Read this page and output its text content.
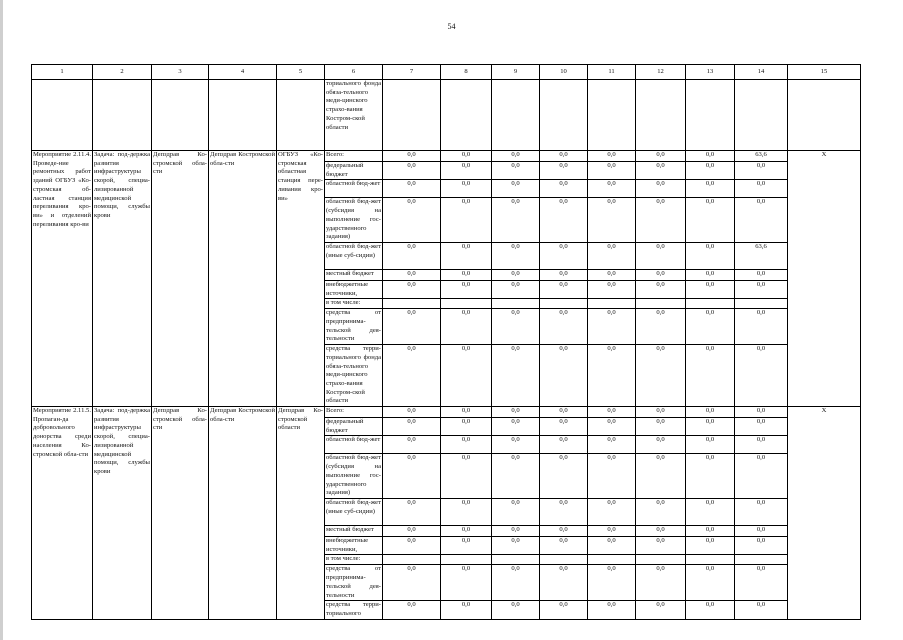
54
1	2	3	4	5	6	7	8	9	10	11	12	13	14	15
					ториального фонда обяза-тельного меди-цинского страхо-вания Костром-ской области									
Мероприятие 2.11.4. Проведе-ние ремонтных работ зданий ОГБУЗ «Ко-стромская об-ластная станция переливания кро-ви» и отделений переливания кро-ви	Задача: под-держка развития инфраструктуры скорой, специа-лизированной медицинской помощи, службы крови	Депздрав Ко-стромской обла-сти	Депздрав Костромской обла-сти	ОГБУЗ «Ко-стромская областная станция пере-ливания кро-ви»	Всего:	0,0	0,0	0,0	0,0	0,0	0,0	0,0	63,6	Х
					федеральный бюджет	0,0	0,0	0,0	0,0	0,0	0,0	0,0	0,0	
					областной бюд-жет	0,0	0,0	0,0	0,0	0,0	0,0	0,0	0,0	
					областной бюд-жет (субсидия на выполнение гос-ударственного задания)	0,0	0,0	0,0	0,0	0,0	0,0	0,0	0,0	
					областной бюд-жет (иные суб-сидии)	0,0	0,0	0,0	0,0	0,0	0,0	0,0	63,6	
					местный бюджет	0,0	0,0	0,0	0,0	0,0	0,0	0,0	0,0	
					внебюджетные источники,	0,0	0,0	0,0	0,0	0,0	0,0	0,0	0,0	
					в том числе:									
					средства от предпринима-тельской дея-тельности	0,0	0,0	0,0	0,0	0,0	0,0	0,0	0,0	
					средства терри-ториального фонда обяза-тельного меди-цинского страхо-вания Костром-ской области	0,0	0,0	0,0	0,0	0,0	0,0	0,0	0,0	
Мероприятие 2.11.5. Пропаган-да добровольного донорства среди населения Ко-стромской обла-сти	Задача: под-держка развития инфраструктуры скорой, специа-лизированной медицинской помощи, службы крови	Депздрав Ко-стромской обла-сти	Депздрав Костромской обла-сти	Депздрав Ко-стромской области	Всего:	0,0	0,0	0,0	0,0	0,0	0,0	0,0	0,0	Х
					федеральный бюджет	0,0	0,0	0,0	0,0	0,0	0,0	0,0	0,0	
					областной бюд-жет	0,0	0,0	0,0	0,0	0,0	0,0	0,0	0,0	
					областной бюд-жет (субсидия на выполнение гос-ударственного задания)	0,0	0,0	0,0	0,0	0,0	0,0	0,0	0,0	
					областной бюд-жет (иные суб-сидии)	0,0	0,0	0,0	0,0	0,0	0,0	0,0	0,0	
					местный бюджет	0,0	0,0	0,0	0,0	0,0	0,0	0,0	0,0	
					внебюджетные источники,	0,0	0,0	0,0	0,0	0,0	0,0	0,0	0,0	
					в том числе:									
					средства от предпринима-тельской дея-тельности	0,0	0,0	0,0	0,0	0,0	0,0	0,0	0,0	
					средства терри-ториального	0,0	0,0	0,0	0,0	0,0	0,0	0,0	0,0	
